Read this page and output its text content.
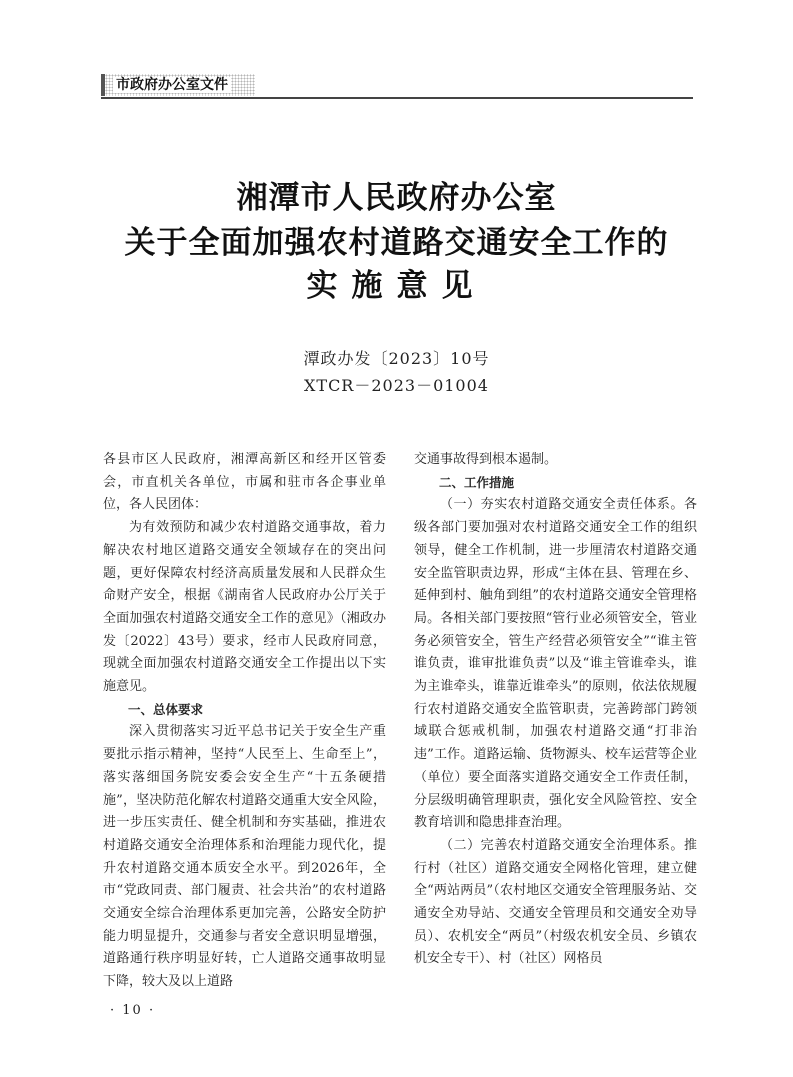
市政府办公室文件
湘潭市人民政府办公室
关于全面加强农村道路交通安全工作的
实施意见
潭政办发〔2023〕10号
XTCR－2023－01004

各县市区人民政府，湘潭高新区和经开区管委会，市直机关各单位，市属和驻市各企事业单位，各人民团体：

为有效预防和减少农村道路交通事故，着力解决农村地区道路交通安全领域存在的突出问题，更好保障农村经济高质量发展和人民群众生命财产安全，根据《湖南省人民政府办公厅关于全面加强农村道路交通安全工作的意见》（湘政办发〔2022〕43号）要求，经市人民政府同意，现就全面加强农村道路交通安全工作提出以下实施意见。

一、总体要求

深入贯彻落实习近平总书记关于安全生产重要批示指示精神，坚持“人民至上、生命至上”，落实落细国务院安委会安全生产“十五条硬措施”，坚决防范化解农村道路交通重大安全风险，进一步压实责任、健全机制和夯实基础，推进农村道路交通安全治理体系和治理能力现代化，提升农村道路交通本质安全水平。到2026年，全市“党政同责、部门履责、社会共治”的农村道路交通安全综合治理体系更加完善，公路安全防护能力明显提升，交通参与者安全意识明显增强，道路通行秩序明显好转，亡人道路交通事故明显下降，较大及以上道路

交通事故得到根本遏制。

二、工作措施

（一）夯实农村道路交通安全责任体系。各级各部门要加强对农村道路交通安全工作的组织领导，健全工作机制，进一步厘清农村道路交通安全监管职责边界，形成“主体在县、管理在乡、延伸到村、触角到组”的农村道路交通安全管理格局。各相关部门要按照“管行业必须管安全，管业务必须管安全，管生产经营必须管安全”“谁主管谁负责，谁审批谁负责”以及“谁主管谁牵头，谁为主谁牵头，谁靠近谁牵头”的原则，依法依规履行农村道路交通安全监管职责，完善跨部门跨领域联合惩戒机制，加强农村道路交通“打非治违”工作。道路运输、货物源头、校车运营等企业（单位）要全面落实道路交通安全工作责任制，分层级明确管理职责，强化安全风险管控、安全教育培训和隐患排查治理。

（二）完善农村道路交通安全治理体系。推行村（社区）道路交通安全网格化管理，建立健全“两站两员”（农村地区交通安全管理服务站、交通安全劝导站、交通安全管理员和交通安全劝导员）、农机安全“两员”（村级农机安全员、乡镇农机安全专干）、村（社区）网格员

· 10 ·
